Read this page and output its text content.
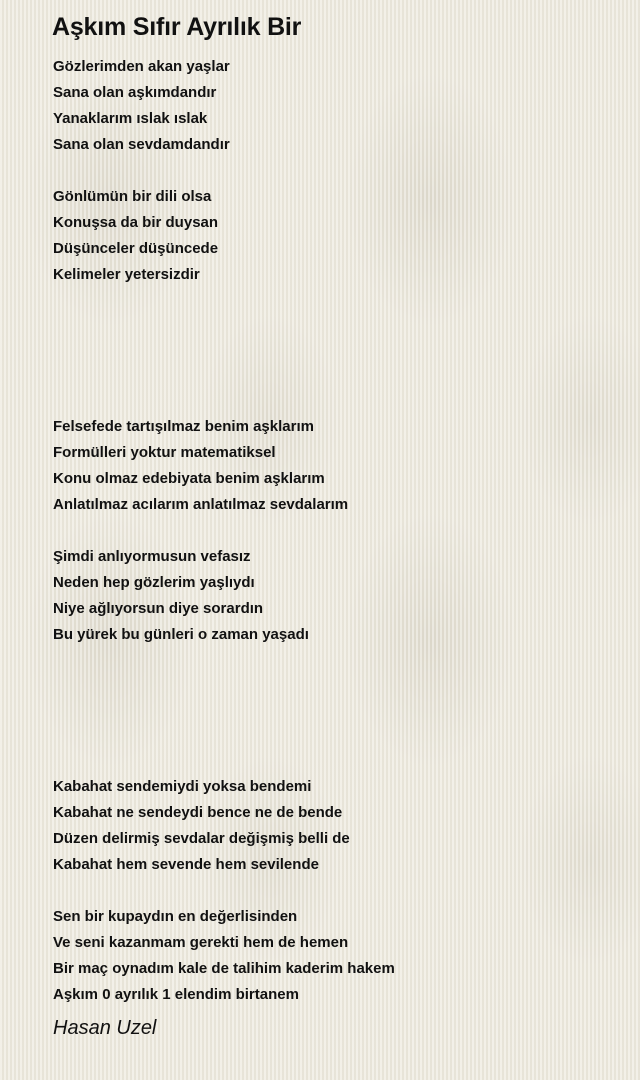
Aşkım Sıfır Ayrılık Bir
Gözlerimden akan yaşlar
Sana olan aşkımdandır
Yanaklarım ıslak ıslak
Sana olan sevdamdandır
Gönlümün bir dili olsa
Konuşsa da bir duysan
Düşünceler düşüncede
Kelimeler yetersizdir
Felsefede tartışılmaz benim aşklarım
Formülleri yoktur matematiksel
Konu olmaz edebiyata benim aşklarım
Anlatılmaz acılarım anlatılmaz sevdalarım
Şimdi anlıyormusun vefasız
Neden hep gözlerim yaşlıydı
Niye ağlıyorsun diye sorardın
Bu yürek bu günleri o zaman yaşadı
Kabahat sendemiydi yoksa bendemi
Kabahat ne sendeydi bence ne de bende
Düzen delirmiş sevdalar değişmiş belli de
Kabahat hem sevende hem sevilende
Sen bir kupaydın en değerlisinden
Ve seni kazanmam gerekti hem de hemen
Bir maç oynadım kale de talihim kaderim hakem
Aşkım 0 ayrılık 1 elendim birtanem
Hasan Uzel
